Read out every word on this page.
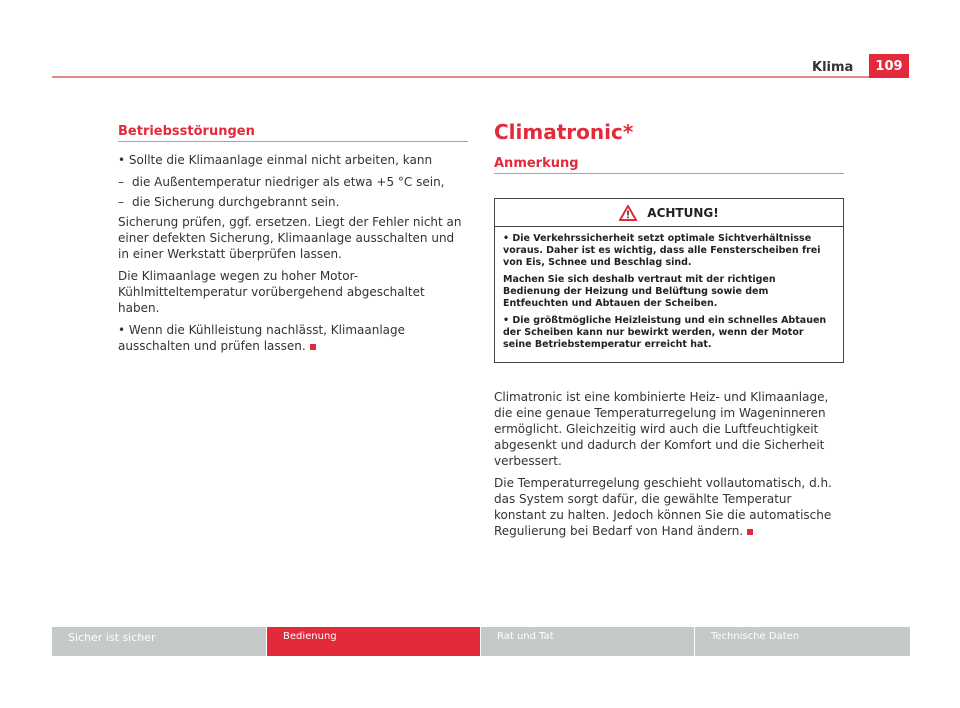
Klima	109
Betriebsstörungen

• Sollte die Klimaanlage einmal nicht arbeiten, kann

– die Außentemperatur niedriger als etwa +5 °C sein,

– die Sicherung durchgebrannt sein.

Sicherung prüfen, ggf. ersetzen. Liegt der Fehler nicht an einer defekten Sicherung, Klimaanlage ausschalten und in einer Werkstatt überprüfen lassen.

Die Klimaanlage wegen zu hoher Motor-Kühlmitteltemperatur vorübergehend abgeschaltet haben.

• Wenn die Kühlleistung nachlässt, Klimaanlage ausschalten und prüfen lassen.

Climatronic*
Anmerkung
ACHTUNG!

• Die Verkehrssicherheit setzt optimale Sichtverhältnisse voraus. Daher ist es wichtig, dass alle Fensterscheiben frei von Eis, Schnee und Beschlag sind.

Machen Sie sich deshalb vertraut mit der richtigen Bedienung der Heizung und Belüftung sowie dem Entfeuchten und Abtauen der Scheiben.

• Die größtmögliche Heizleistung und ein schnelles Abtauen der Scheiben kann nur bewirkt werden, wenn der Motor seine Betriebstemperatur erreicht hat.

Climatronic ist eine kombinierte Heiz- und Klimaanlage, die eine genaue Temperaturregelung im Wageninneren ermöglicht. Gleichzeitig wird auch die Luftfeuchtigkeit abgesenkt und dadurch der Komfort und die Sicherheit verbessert.

Die Temperaturregelung geschieht vollautomatisch, d.h. das System sorgt dafür, die gewählte Temperatur konstant zu halten. Jedoch können Sie die automatische Regulierung bei Bedarf von Hand ändern.

Sicher ist sicher	Bedienung	Rat und Tat	Technische Daten
